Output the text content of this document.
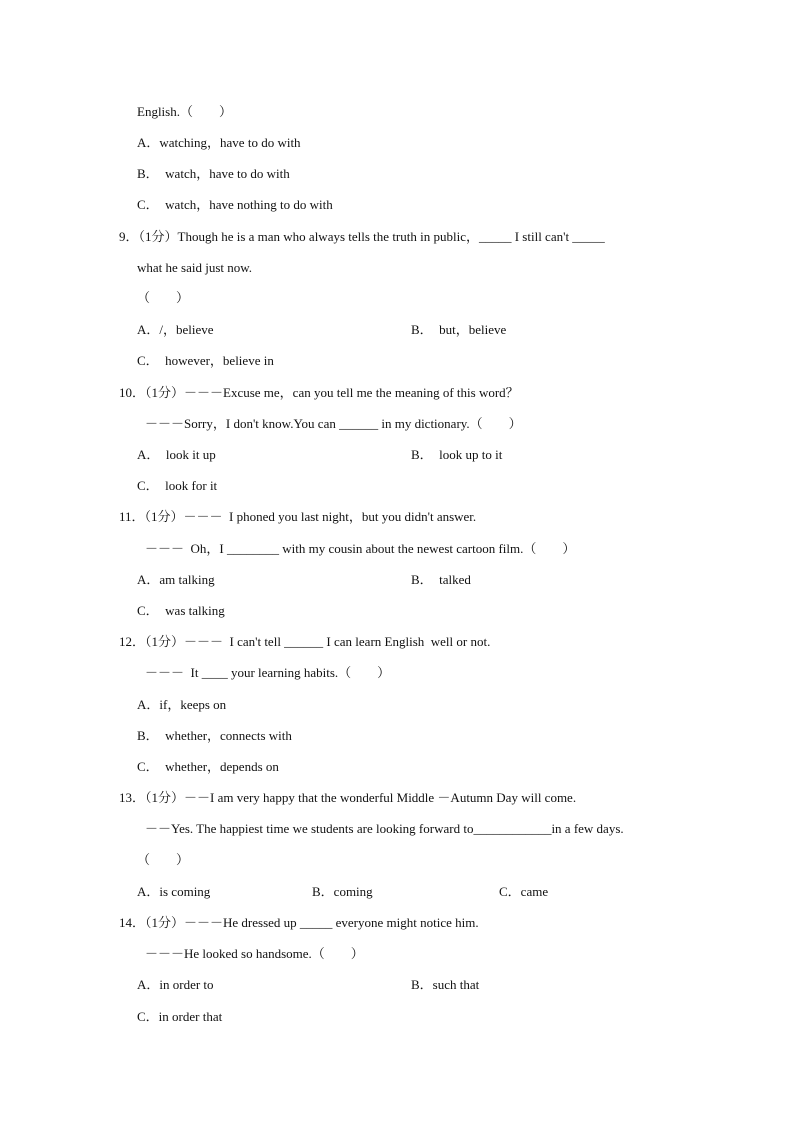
English.（　　）
A．watching，have to do with
B．  watch，have to do with
C．  watch，have nothing to do with
9．（1分）Though he is a man who always tells the truth in public，_____ I still can't _____
what he said just now.
（　　）
A．/，believe	B．  but，believe
C．  however，believe in
10．（1分）－－－Excuse me，can you tell me the meaning of this word？
－－－Sorry，I don't know.You can ______ in my dictionary.（　　）
A．  look it up	B．  look up to it
C．  look for it
11．（1分）－－－  I phoned you last night，but you didn't answer.
－－－  Oh，I ________ with my cousin about the newest cartoon film.（　　）
A．am talking	B．  talked
C．  was talking
12．（1分）－－－  I can't tell ______ I can learn English  well or not.
－－－  It ____ your learning habits.（　　）
A．if，keeps on
B．  whether，connects with
C．  whether，depends on
13．（1分）－－I am very happy that the wonderful Middle －Autumn Day will come.
－－Yes. The happiest time we students are looking forward to____________in a few days.
（　　）
A．is coming	B．coming	C．came
14．（1分）－－－He dressed up _____ everyone might notice him.
－－－He looked so handsome.（　　）
A．in order to	B．such that
C．in order that
